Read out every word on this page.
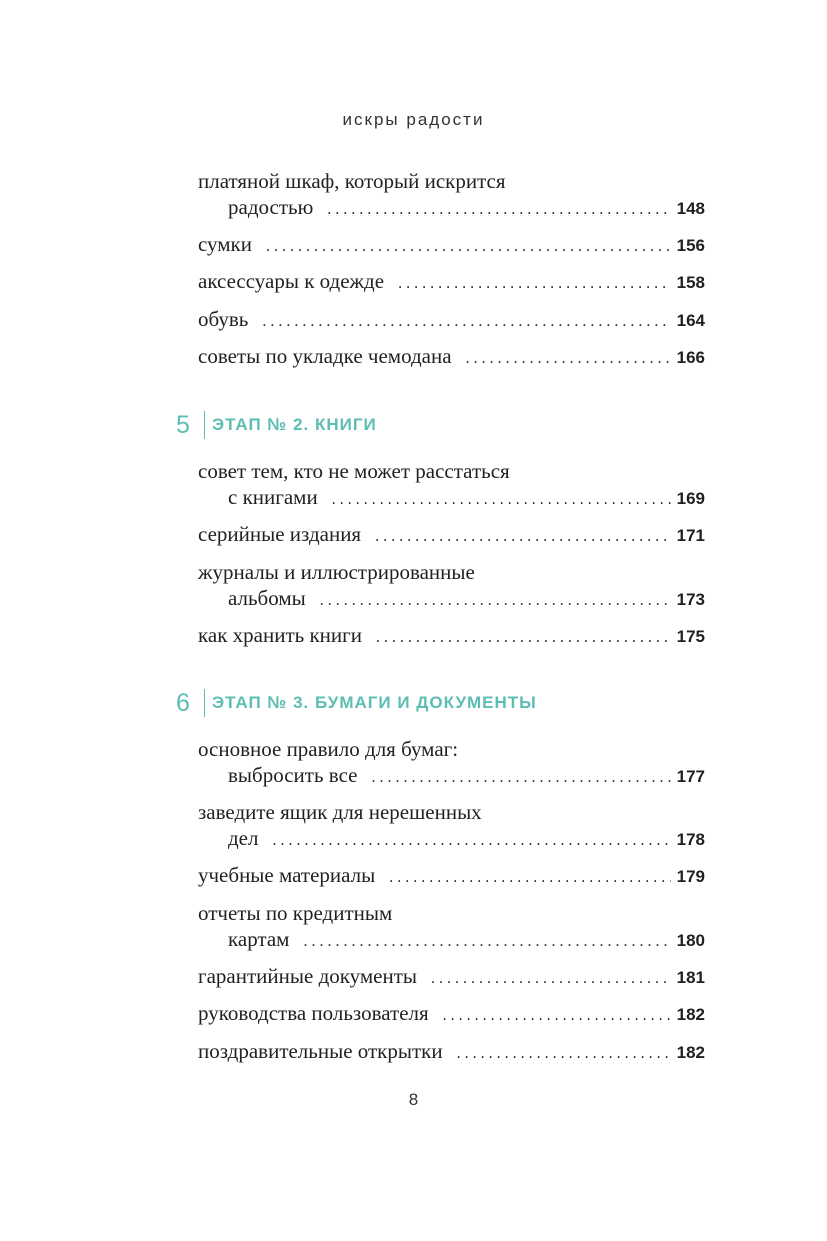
искры радости
платяной шкаф, который искрится
радостью . . .	148
сумки . . .	156
аксессуары к одежде . . .	158
обувь . . .	164
советы по укладке чемодана . . .	166
5	ЭТАП № 2. КНИГИ
совет тем, кто не может расстаться
с книгами . . .	169
серийные издания . . .	171
журналы и иллюстрированные
альбомы . . .	173
как хранить книги . . .	175
6	ЭТАП № 3. БУМАГИ И ДОКУМЕНТЫ
основное правило для бумаг:
выбросить все . . .	177
заведите ящик для нерешенных
дел . . .	178
учебные материалы . . .	179
отчеты по кредитным
картам . . .	180
гарантийные документы . . .	181
руководства пользователя . . .	182
поздравительные открытки . . .	182
8
